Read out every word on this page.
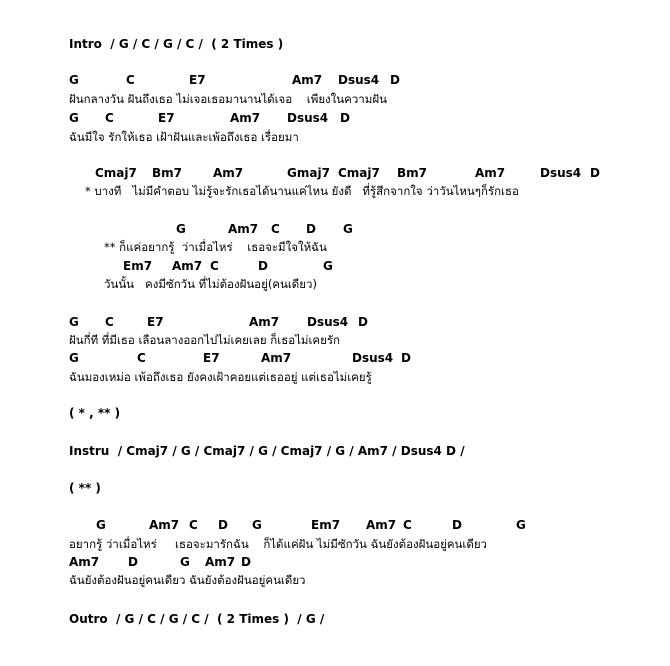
Intro  / G / C / G / C /  ( 2 Times )
G	C	E7	Am7 Dsus4 D
ฝันกลางวัน ฝันถึงเธอ ไม่เจอเธอมานานได้เจอ    เพียงในความฝัน
G C	E7	Am7 Dsus4 D
ฉันมีใจ รักให้เธอ เฝ้าฝันและเพ้อถึงเธอ เรื่อยมา
Cmaj7 Bm7	Am7	Gmaj7 Cmaj7 Bm7	Am7	Dsus4 D
* บางที   ไม่มีคำตอบ ไม่รู้จะรักเธอได้นานแค่ไหน ยังดี   ที่รู้สึกจากใจ ว่าวันไหนๆก็รักเธอ
G	Am7 C D G
** ก็แค่อยากรู้  ว่าเมื่อไหร่    เธอจะมีใจให้ฉัน
Em7 Am7 C	D	G
วันนั้น   คงมีซักวัน ที่ไม่ต้องฝันอยู่(คนเดียว)
G C	E7	Am7 Dsus4 D
ฝันกี่ที ที่มีเธอ เลือนลางออกไปไม่เคยเลย ก็เธอไม่เคยรัก
G	C	E7	Am7	Dsus4 D
ฉันมองเหม่อ เพ้อถึงเธอ ยังคงเฝ้าคอยแต่เธออยู่ แต่เธอไม่เคยรู้
( * , ** )
Instru  / Cmaj7 / G / Cmaj7 / G / Cmaj7 / G / Am7 / Dsus4 D /
( ** )
G	Am7 C D G	Em7 Am7 C	D	G
อยากรู้ ว่าเมื่อไหร่     เธอจะมารักฉัน    ก็ได้แค่ฝัน ไม่มีซักวัน ฉันยังต้องฝันอยู่คนเดียว
Am7 D	G Am7 D
ฉันยังต้องฝันอยู่คนเดียว ฉันยังต้องฝันอยู่คนเดียว
Outro  / G / C / G / C /  ( 2 Times )  / G /
